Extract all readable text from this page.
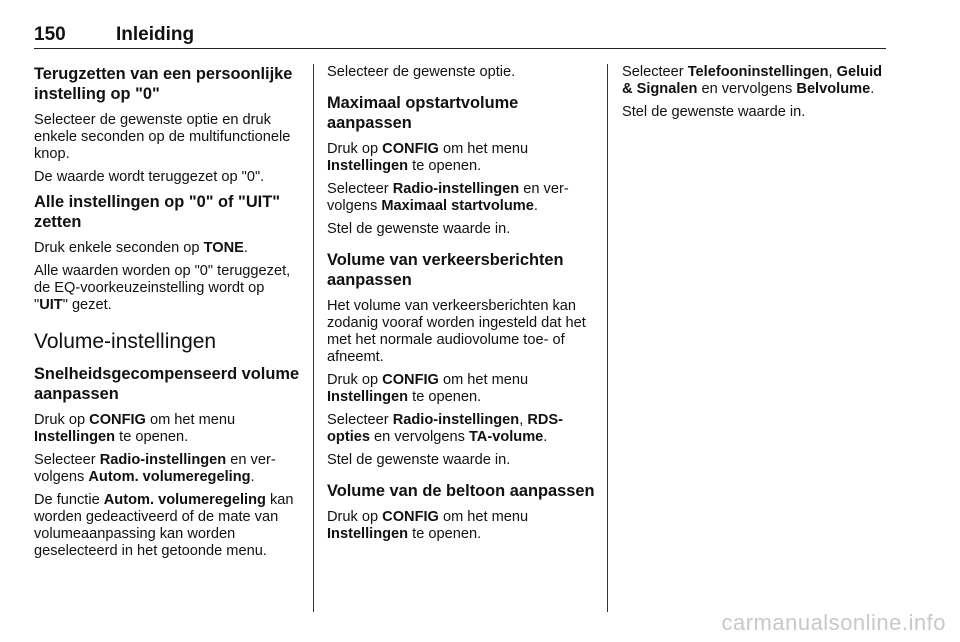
150	Inleiding
Terugzetten van een persoonlijke instelling op "0"

Selecteer de gewenste optie en druk enkele seconden op de multifunctionele knop.

De waarde wordt teruggezet op "0".

Alle instellingen op "0" of "UIT" zetten

Druk enkele seconden op TONE.

Alle waarden worden op "0" teruggezet, de EQ-voorkeuzeinstelling wordt op "UIT" gezet.

Volume-instellingen
Snelheidsgecompenseerd volume aanpassen

Druk op CONFIG om het menu Instellingen te openen.

Selecteer Radio-instellingen en vervolgens Autom. volumeregeling.

De functie Autom. volumeregeling kan worden gedeactiveerd of de mate van volumeaanpassing kan worden geselecteerd in het getoonde menu.

Selecteer de gewenste optie.

Maximaal opstartvolume aanpassen

Druk op CONFIG om het menu Instellingen te openen.

Selecteer Radio-instellingen en vervolgens Maximaal startvolume.

Stel de gewenste waarde in.

Volume van verkeersberichten aanpassen

Het volume van verkeersberichten kan zodanig vooraf worden ingesteld dat het met het normale audiovolume toe- of afneemt.

Druk op CONFIG om het menu Instellingen te openen.

Selecteer Radio-instellingen, RDS-opties en vervolgens TA-volume.

Stel de gewenste waarde in.

Volume van de beltoon aanpassen

Druk op CONFIG om het menu Instellingen te openen.

Selecteer Telefooninstellingen, Geluid & Signalen en vervolgens Belvolume.

Stel de gewenste waarde in.

carmanualsonline.info
